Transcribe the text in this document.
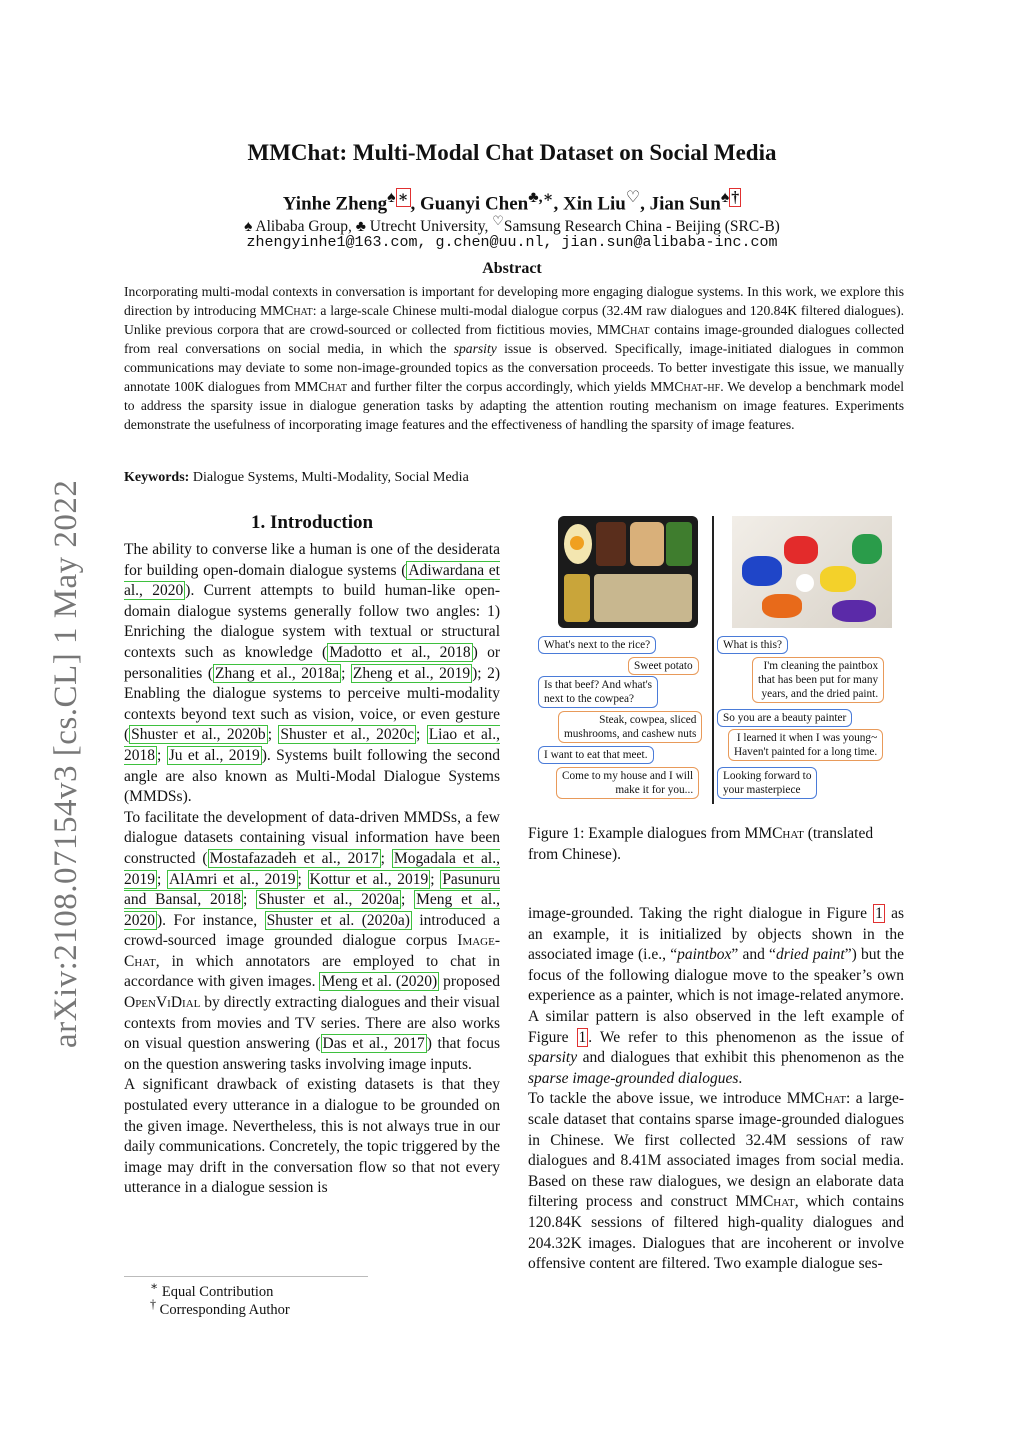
arXiv:2108.07154v3 [cs.CL] 1 May 2022
MMChat: Multi-Modal Chat Dataset on Social Media
Yinhe Zheng♠ ∗ , Guanyi Chen♣,∗, Xin Liu♡, Jian Sun♠ †
♠ Alibaba Group, ♣ Utrecht University, ♡Samsung Research China - Beijing (SRC-B)
zhengyinhe1@163.com, g.chen@uu.nl, jian.sun@alibaba-inc.com
Abstract
Incorporating multi-modal contexts in conversation is important for developing more engaging dialogue systems. In this work, we explore this direction by introducing MMChat: a large-scale Chinese multi-modal dialogue corpus (32.4M raw dialogues and 120.84K filtered dialogues). Unlike previous corpora that are crowd-sourced or collected from fictitious movies, MMChat contains image-grounded dialogues collected from real conversations on social media, in which the sparsity issue is observed. Specifically, image-initiated dialogues in common communications may deviate to some non-image-grounded topics as the conversation proceeds. To better investigate this issue, we manually annotate 100K dialogues from MMChat and further filter the corpus accordingly, which yields MMChat-hf. We develop a benchmark model to address the sparsity issue in dialogue generation tasks by adapting the attention routing mechanism on image features. Experiments demonstrate the usefulness of incorporating image features and the effectiveness of handling the sparsity of image features.
Keywords: Dialogue Systems, Multi-Modality, Social Media
1. Introduction

The ability to converse like a human is one of the desiderata for building open-domain dialogue systems ( Adiwardana et al., 2020 ). Current attempts to build human-like open-domain dialogue systems generally follow two angles: 1) Enriching the dialogue system with textual or structural contexts such as knowledge ( Madotto et al., 2018 ) or personalities ( Zhang et al., 2018a ; Zheng et al., 2019 ); 2) Enabling the dialogue systems to perceive multi-modality contexts beyond text such as vision, voice, or even gesture ( Shuster et al., 2020b ; Shuster et al., 2020c ; Liao et al., 2018 ; Ju et al., 2019 ). Systems built following the second angle are also known as Multi-Modal Dialogue Systems (MMDSs).

To facilitate the development of data-driven MMDSs, a few dialogue datasets containing visual information have been constructed ( Mostafazadeh et al., 2017 ; Mogadala et al., 2019 ; AlAmri et al., 2019 ; Kottur et al., 2019 ; Pasunuru and Bansal, 2018 ; Shuster et al., 2020a ; Meng et al., 2020 ). For instance, Shuster et al. (2020a) introduced a crowd-sourced image grounded dialogue corpus Image-Chat, in which annotators are employed to chat in accordance with given images. Meng et al. (2020) proposed OpenViDial by directly extracting dialogues and their visual contexts from movies and TV series. There are also works on visual question answering ( Das et al., 2017 ) that focus on the question answering tasks involving image inputs.

A significant drawback of existing datasets is that they postulated every utterance in a dialogue to be grounded on the given image. Nevertheless, this is not always true in our daily communications. Concretely, the topic triggered by the image may drift in the conversation flow so that not every utterance in a dialogue session is

∗ Equal Contribution
† Corresponding Author
What's next to the rice?
Sweet potato
Is that beef? And what's
next to the cowpea?
Steak, cowpea, sliced
mushrooms, and cashew nuts
I want to eat that meet.
Come to my house and I will
make it for you...
What is this?
I'm cleaning the paintbox
that has been put for many
years, and the dried paint.
So you are a beauty painter
I learned it when I was young~
Haven't painted for a long time.
Looking forward to
your masterpiece
Figure 1: Example dialogues from MMChat (translated from Chinese).

image-grounded. Taking the right dialogue in Figure 1 as an example, it is initialized by objects shown in the associated image (i.e., “paintbox” and “dried paint”) but the focus of the following dialogue move to the speaker’s own experience as a painter, which is not image-related anymore. A similar pattern is also observed in the left example of Figure 1 . We refer to this phenomenon as the issue of sparsity and dialogues that exhibit this phenomenon as the sparse image-grounded dialogues.

To tackle the above issue, we introduce MMChat: a large-scale dataset that contains sparse image-grounded dialogues in Chinese. We first collected 32.4M sessions of raw dialogues and 8.41M associated images from social media. Based on these raw dialogues, we design an elaborate data filtering process and construct MMChat, which contains 120.84K sessions of filtered high-quality dialogues and 204.32K images. Dialogues that are incoherent or involve offensive content are filtered. Two example dialogue ses-
